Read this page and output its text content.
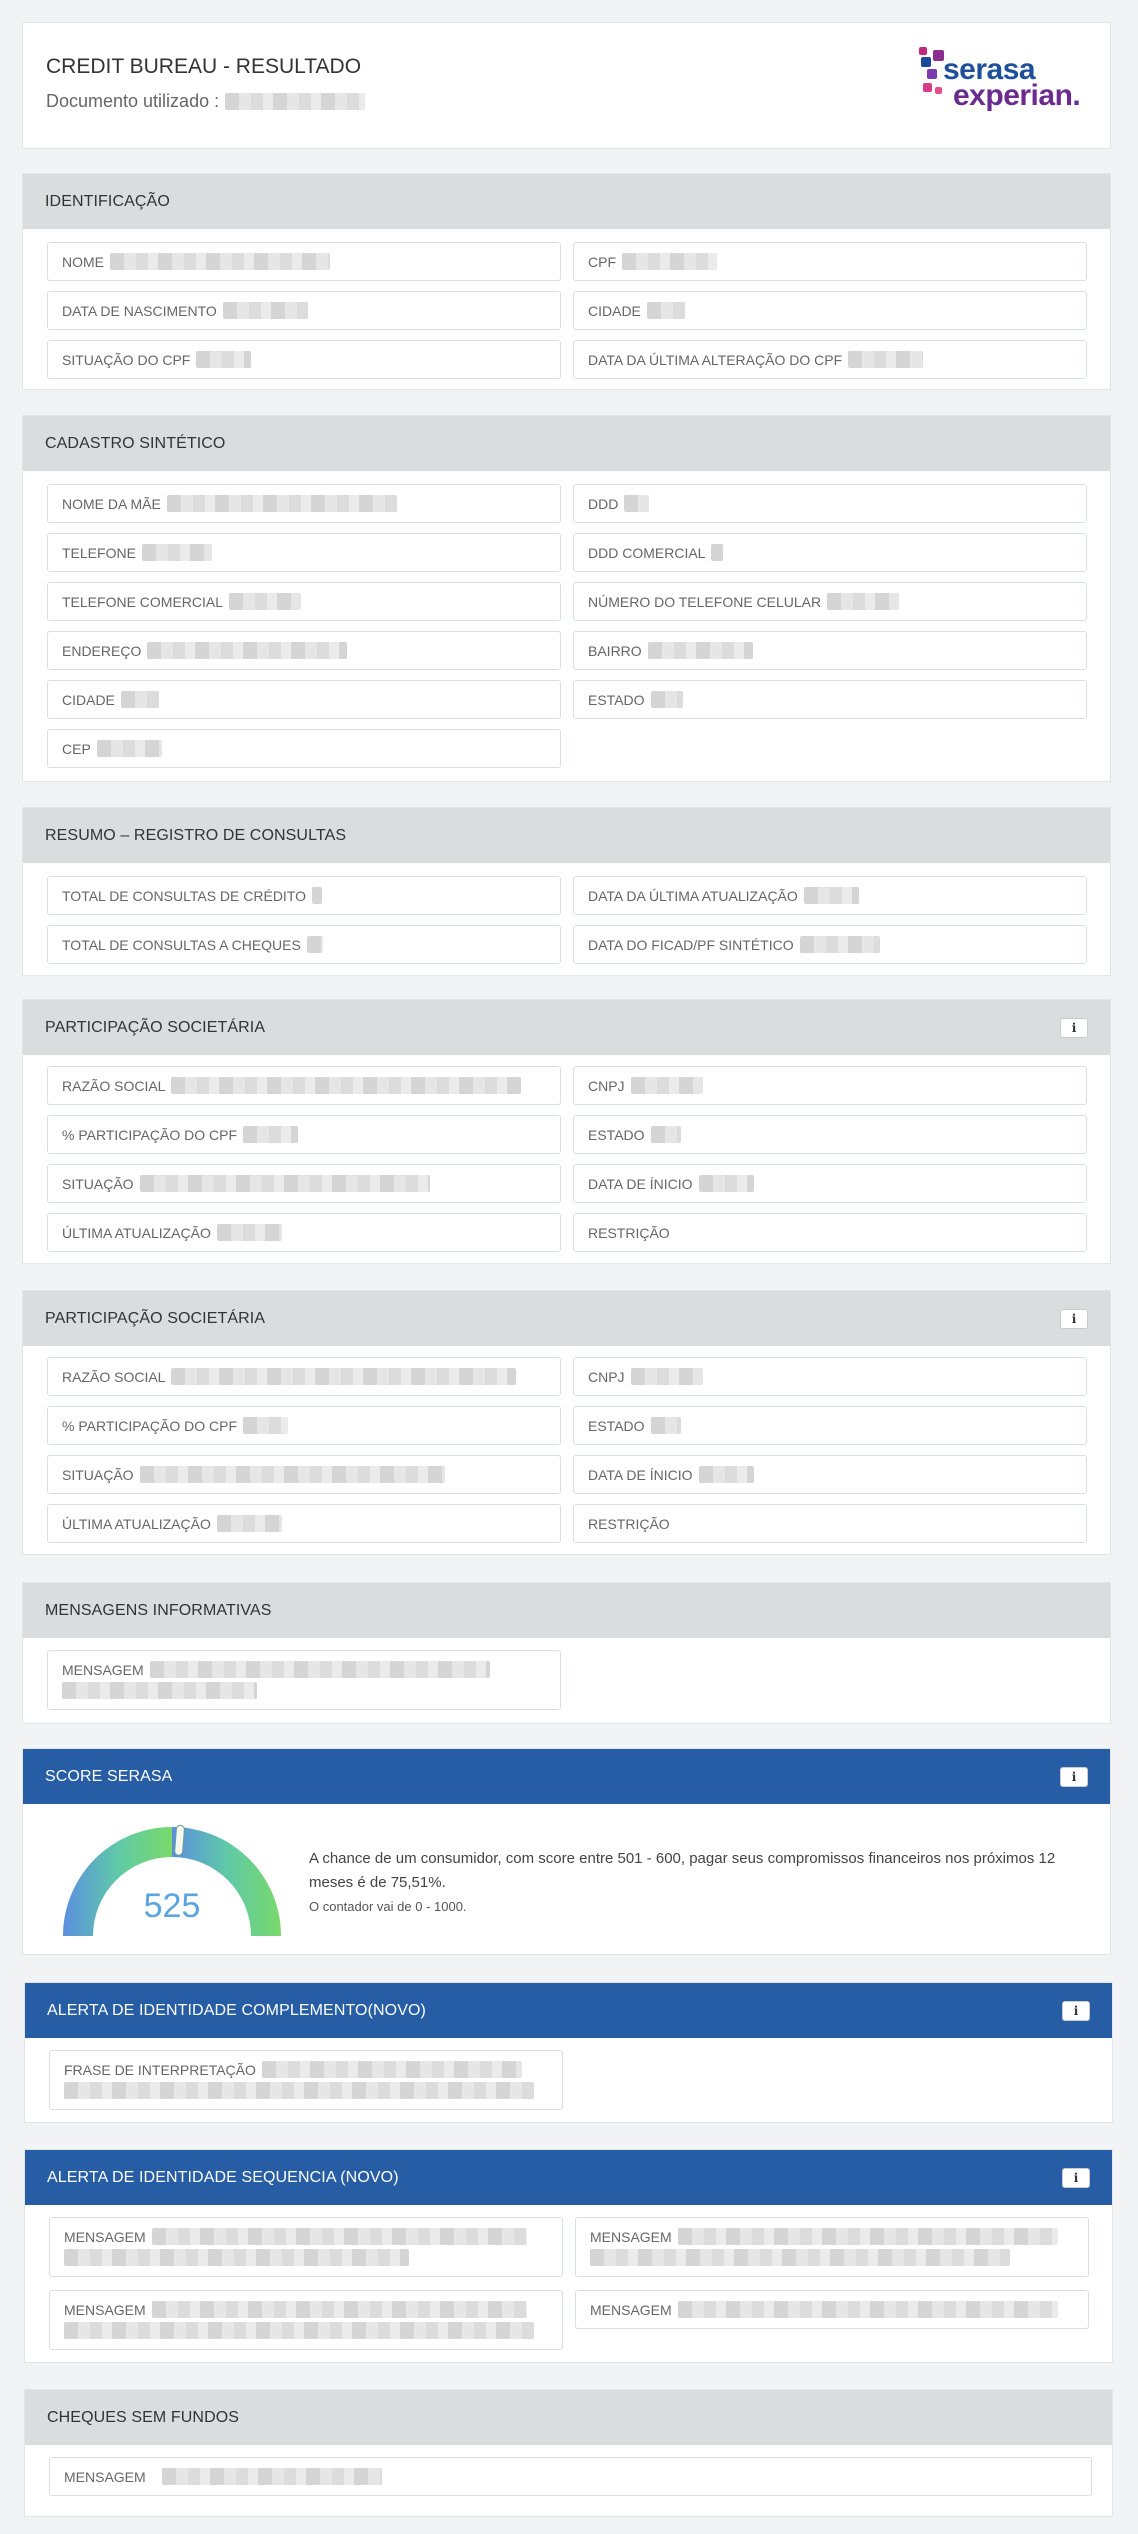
CREDIT BUREAU - RESULTADO
Documento utilizado :
serasa
experian.
IDENTIFICAÇÃO
NOME	CPF
DATA DE NASCIMENTO	CIDADE
SITUAÇÃO DO CPF	DATA DA ÚLTIMA ALTERAÇÃO DO CPF
CADASTRO SINTÉTICO
NOME DA MÃE	DDD
TELEFONE	DDD COMERCIAL
TELEFONE COMERCIAL	NÚMERO DO TELEFONE CELULAR
ENDEREÇO	BAIRRO
CIDADE	ESTADO
CEP
RESUMO – REGISTRO DE CONSULTAS
TOTAL DE CONSULTAS DE CRÉDITO	DATA DA ÚLTIMA ATUALIZAÇÃO
TOTAL DE CONSULTAS A CHEQUES	DATA DO FICAD/PF SINTÉTICO
PARTICIPAÇÃO SOCIETÁRIA	i
RAZÃO SOCIAL	CNPJ
% PARTICIPAÇÃO DO CPF	ESTADO
SITUAÇÃO	DATA DE ÍNICIO
ÚLTIMA ATUALIZAÇÃO	RESTRIÇÃO
PARTICIPAÇÃO SOCIETÁRIA	i
RAZÃO SOCIAL	CNPJ
% PARTICIPAÇÃO DO CPF	ESTADO
SITUAÇÃO	DATA DE ÍNICIO
ÚLTIMA ATUALIZAÇÃO	RESTRIÇÃO
MENSAGENS INFORMATIVAS
MENSAGEM
SCORE SERASA	i
525
A chance de um consumidor, com score entre 501 - 600, pagar seus compromissos financeiros nos próximos 12 meses é de 75,51%.
O contador vai de 0 - 1000.
ALERTA DE IDENTIDADE COMPLEMENTO(NOVO)	i
FRASE DE INTERPRETAÇÃO
ALERTA DE IDENTIDADE SEQUENCIA (NOVO)	i
MENSAGEM	MENSAGEM
MENSAGEM	MENSAGEM
CHEQUES SEM FUNDOS
MENSAGEM
